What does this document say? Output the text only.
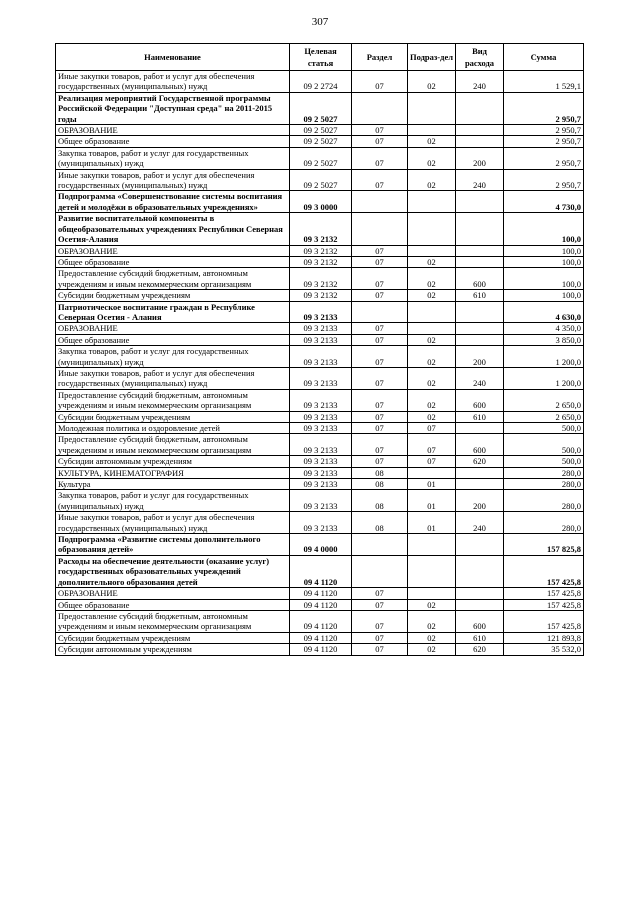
307
Наименование	Целевая статья	Раздел	Подраз-дел	Вид расхода	Сумма
Иные закупки товаров, работ и услуг для обеспечения государственных (муниципальных) нужд	09 2 2724	07	02	240	1 529,1
Реализация мероприятий Государственной программы Российской Федерации "Доступная среда" на 2011-2015 годы	09 2 5027				2 950,7
ОБРАЗОВАНИЕ	09 2 5027	07			2 950,7
Общее образование	09 2 5027	07	02		2 950,7
Закупка товаров, работ и услуг для государственных (муниципальных) нужд	09 2 5027	07	02	200	2 950,7
Иные закупки товаров, работ и услуг для обеспечения государственных (муниципальных) нужд	09 2 5027	07	02	240	2 950,7
Подпрограмма «Совершенствование системы воспитания детей и молодёжи в образовательных учреждениях»	09 3 0000				4 730,0
Развитие воспитательной компоненты в общеобразовательных учреждениях Республики Северная Осетия-Алания	09 3 2132				100,0
ОБРАЗОВАНИЕ	09 3 2132	07			100,0
Общее образование	09 3 2132	07	02		100,0
Предоставление субсидий бюджетным, автономным учреждениям и иным некоммерческим организациям	09 3 2132	07	02	600	100,0
Субсидии бюджетным учреждениям	09 3 2132	07	02	610	100,0
Патриотическое воспитание граждан в Республике Северная Осетия - Алания	09 3 2133				4 630,0
ОБРАЗОВАНИЕ	09 3 2133	07			4 350,0
Общее образование	09 3 2133	07	02		3 850,0
Закупка товаров, работ и услуг для государственных (муниципальных) нужд	09 3 2133	07	02	200	1 200,0
Иные закупки товаров, работ и услуг для обеспечения государственных (муниципальных) нужд	09 3 2133	07	02	240	1 200,0
Предоставление субсидий бюджетным, автономным учреждениям и иным некоммерческим организациям	09 3 2133	07	02	600	2 650,0
Субсидии бюджетным учреждениям	09 3 2133	07	02	610	2 650,0
Молодежная политика и оздоровление детей	09 3 2133	07	07		500,0
Предоставление субсидий бюджетным, автономным учреждениям и иным некоммерческим организациям	09 3 2133	07	07	600	500,0
Субсидии автономным учреждениям	09 3 2133	07	07	620	500,0
КУЛЬТУРА, КИНЕМАТОГРАФИЯ	09 3 2133	08			280,0
Культура	09 3 2133	08	01		280,0
Закупка товаров, работ и услуг для государственных (муниципальных) нужд	09 3 2133	08	01	200	280,0
Иные закупки товаров, работ и услуг для обеспечения государственных (муниципальных) нужд	09 3 2133	08	01	240	280,0
Подпрограмма «Развитие системы дополнительного образования детей»	09 4 0000				157 825,8
Расходы на обеспечение деятельности (оказание услуг) государственных образовательных учреждений дополнительного образования детей	09 4 1120				157 425,8
ОБРАЗОВАНИЕ	09 4 1120	07			157 425,8
Общее образование	09 4 1120	07	02		157 425,8
Предоставление субсидий бюджетным, автономным учреждениям и иным некоммерческим организациям	09 4 1120	07	02	600	157 425,8
Субсидии бюджетным учреждениям	09 4 1120	07	02	610	121 893,8
Субсидии автономным учреждениям	09 4 1120	07	02	620	35 532,0
